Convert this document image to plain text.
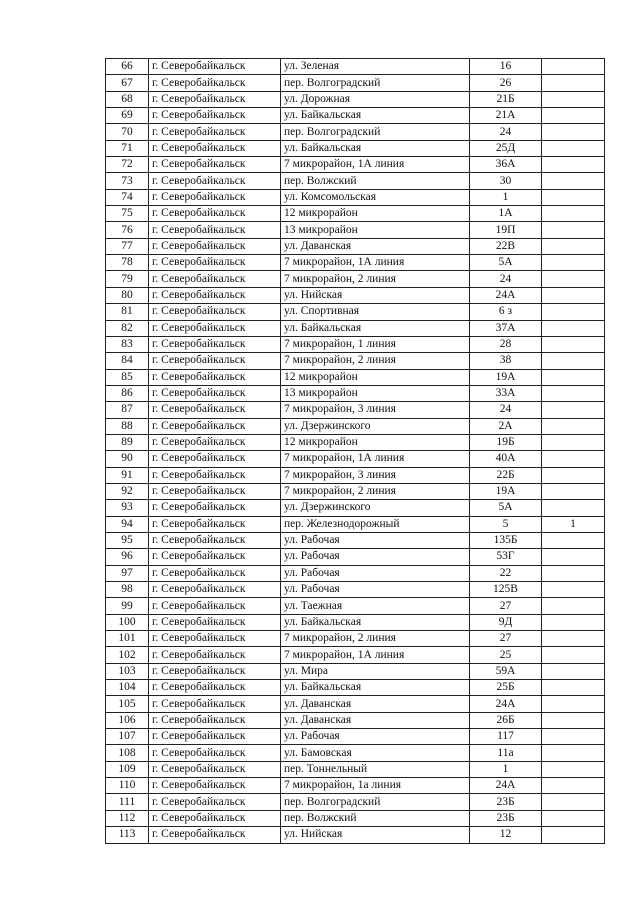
66	г. Северобайкальск	ул. Зеленая	16	
67	г. Северобайкальск	пер. Волгоградский	26	
68	г. Северобайкальск	ул. Дорожная	21Б	
69	г. Северобайкальск	ул. Байкальская	21А	
70	г. Северобайкальск	пер. Волгоградский	24	
71	г. Северобайкальск	ул. Байкальская	25Д	
72	г. Северобайкальск	7 микрорайон, 1А линия	36А	
73	г. Северобайкальск	пер. Волжский	30	
74	г. Северобайкальск	ул. Комсомольская	1	
75	г. Северобайкальск	12 микрорайон	1А	
76	г. Северобайкальск	13 микрорайон	19П	
77	г. Северобайкальск	ул. Даванская	22В	
78	г. Северобайкальск	7 микрорайон, 1А линия	5А	
79	г. Северобайкальск	7 микрорайон, 2 линия	24	
80	г. Северобайкальск	ул. Нийская	24А	
81	г. Северобайкальск	ул. Спортивная	6 з	
82	г. Северобайкальск	ул. Байкальская	37А	
83	г. Северобайкальск	7 микрорайон, 1 линия	28	
84	г. Северобайкальск	7 микрорайон, 2 линия	38	
85	г. Северобайкальск	12 микрорайон	19А	
86	г. Северобайкальск	13 микрорайон	33А	
87	г. Северобайкальск	7 микрорайон, 3 линия	24	
88	г. Северобайкальск	ул. Дзержинского	2А	
89	г. Северобайкальск	12 микрорайон	19Б	
90	г. Северобайкальск	7 микрорайон, 1А линия	40А	
91	г. Северобайкальск	7 микрорайон, 3 линия	22Б	
92	г. Северобайкальск	7 микрорайон, 2 линия	19А	
93	г. Северобайкальск	ул. Дзержинского	5А	
94	г. Северобайкальск	пер. Железнодорожный	5	1
95	г. Северобайкальск	ул. Рабочая	135Б	
96	г. Северобайкальск	ул. Рабочая	53Г	
97	г. Северобайкальск	ул. Рабочая	22	
98	г. Северобайкальск	ул. Рабочая	125В	
99	г. Северобайкальск	ул. Таежная	27	
100	г. Северобайкальск	ул. Байкальская	9Д	
101	г. Северобайкальск	7 микрорайон, 2 линия	27	
102	г. Северобайкальск	7 микрорайон, 1А линия	25	
103	г. Северобайкальск	ул. Мира	59А	
104	г. Северобайкальск	ул. Байкальская	25Б	
105	г. Северобайкальск	ул. Даванская	24А	
106	г. Северобайкальск	ул. Даванская	26Б	
107	г. Северобайкальск	ул. Рабочая	117	
108	г. Северобайкальск	ул. Бамовская	11а	
109	г. Северобайкальск	пер. Тоннельный	1	
110	г. Северобайкальск	7 микрорайон, 1а линия	24А	
111	г. Северобайкальск	пер. Волгоградский	23Б	
112	г. Северобайкальск	пер. Волжский	23Б	
113	г. Северобайкальск	ул. Нийская	12	
